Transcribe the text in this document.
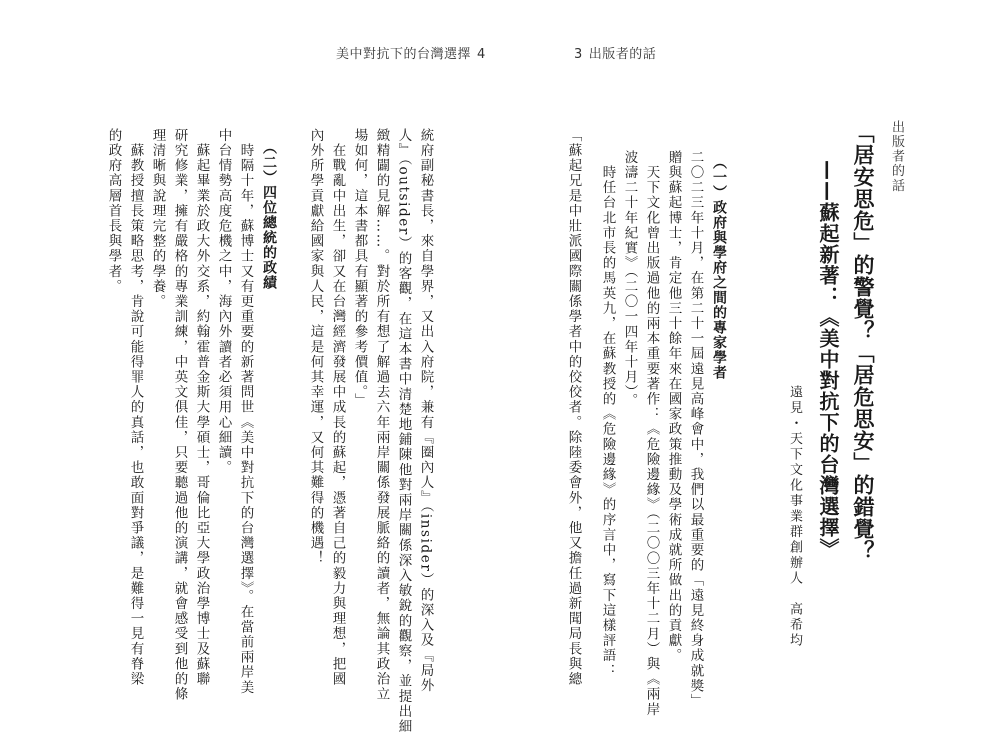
美中對抗下的台灣選擇 4	3 出版者的話
出版者的話
「居安思危」的警覺？「居危思安」的錯覺？
——蘇起新著：《美中對抗下的台灣選擇》
遠見・天下文化事業群創辦人　高希均
（一）政府與學府之間的專家學者
二〇二三年十月，在第二十一屆遠見高峰會中，我們以最重要的「遠見終身成就獎」
贈與蘇起博士，肯定他三十餘年來在國家政策推動及學術成就所做出的貢獻。
　天下文化曾出版過他的兩本重要著作：《危險邊緣》（二〇〇三年十二月）與《兩岸
波濤二十年紀實》（二〇一四年十月）。
　時任台北市長的馬英九，在蘇教授的《危險邊緣》的序言中，寫下這樣評語：
「蘇起兄是中壯派國際關係學者中的佼佼者。除陸委會外，他又擔任過新聞局長與總
統府副秘書長，來自學界，又出入府院，兼有『圈內人』（insider）的深入及『局外
人』（outsider）的客觀，在這本書中清楚地鋪陳他對兩岸關係深入敏銳的觀察，並提出細
緻精闢的見解……。對於所有想了解過去六年兩岸關係發展脈絡的讀者，無論其政治立
場如何，這本書都具有顯著的參考價值。」
　在戰亂中出生，卻又在台灣經濟發展中成長的蘇起，憑著自己的毅力與理想，把國
內外所學貢獻給國家與人民，這是何其幸運，又何其難得的機遇！
（二）四位總統的政績
　時隔十年，蘇博士又有更重要的新著問世《美中對抗下的台灣選擇》。在當前兩岸美
中台情勢高度危機之中，海內外讀者必須用心細讀。
　蘇起畢業於政大外交系，約翰霍普金斯大學碩士，哥倫比亞大學政治學博士及蘇聯
研究修業，擁有嚴格的專業訓練，中英文俱佳，只要聽過他的演講，就會感受到他的條
理清晰與說理完整的學養。
　蘇教授擅長策略思考，肯說可能得罪人的真話，也敢面對爭議，是難得一見有脊梁
的政府高層首長與學者。
